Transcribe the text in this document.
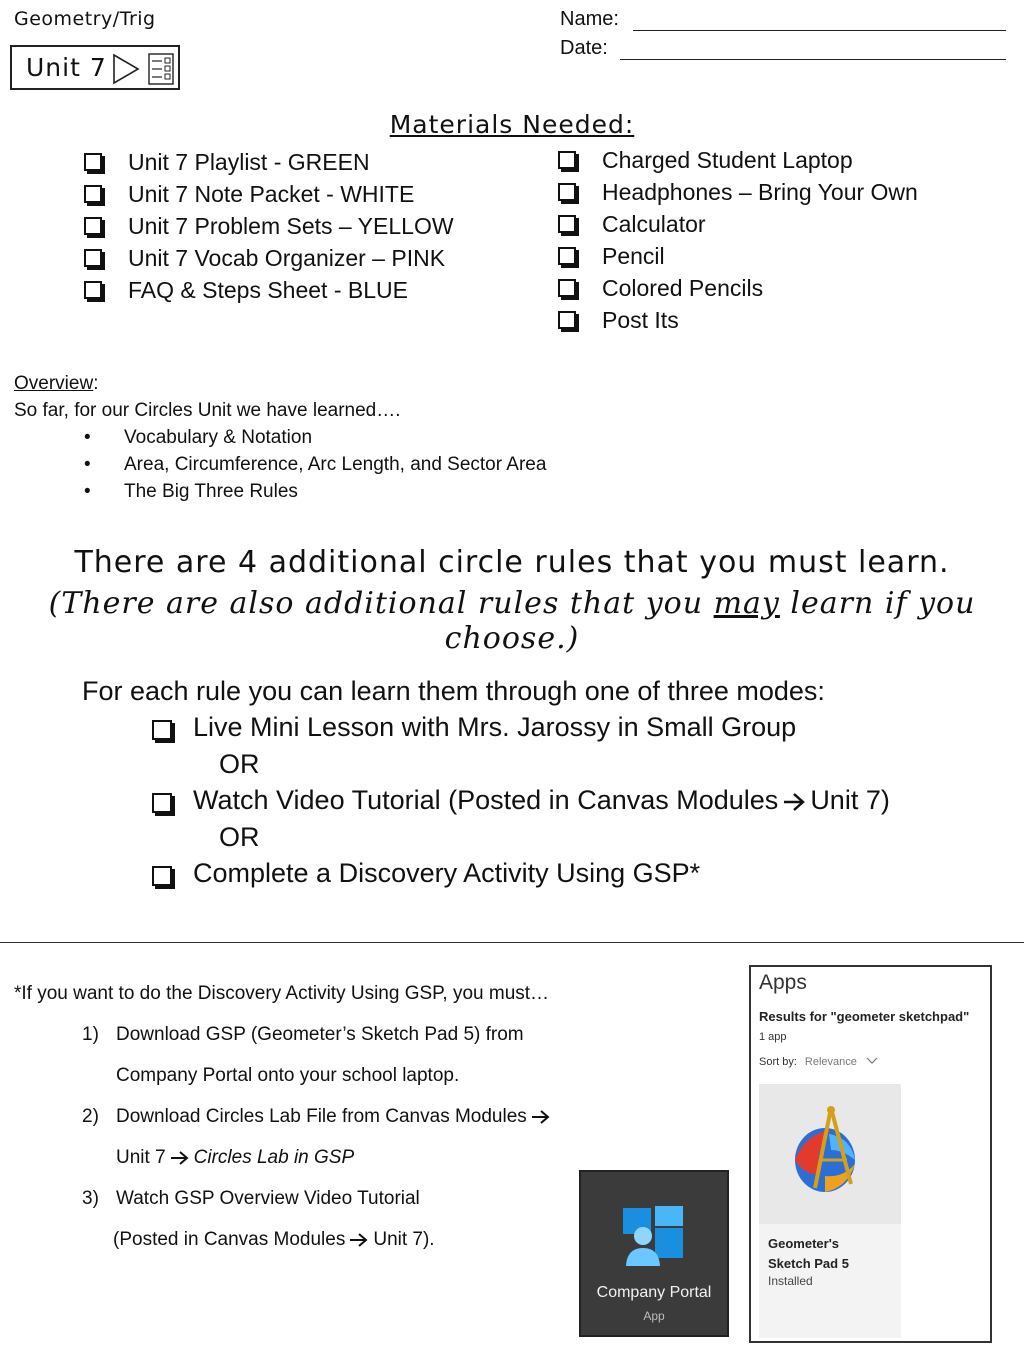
Geometry/Trig
Unit 7
Name:
Date:
Materials Needed:
Unit 7 Playlist - GREEN
Unit 7 Note Packet - WHITE
Unit 7 Problem Sets – YELLOW
Unit 7 Vocab Organizer – PINK
FAQ & Steps Sheet - BLUE
Charged Student Laptop
Headphones – Bring Your Own
Calculator
Pencil
Colored Pencils
Post Its
Overview:
So far, for our Circles Unit we have learned….
• Vocabulary & Notation
• Area, Circumference, Arc Length, and Sector Area
• The Big Three Rules
There are 4 additional circle rules that you must learn.
(There are also additional rules that you may learn if you choose.)
For each rule you can learn them through one of three modes:
Live Mini Lesson with Mrs. Jarossy in Small Group
OR
Watch Video Tutorial (Posted in Canvas Modules Unit 7)
OR
Complete a Discovery Activity Using GSP*
*If you want to do the Discovery Activity Using GSP, you must…
1) Download GSP (Geometer’s Sketch Pad 5) from
Company Portal onto your school laptop.
2) Download Circles Lab File from Canvas Modules
Unit 7 Circles Lab in GSP
3) Watch GSP Overview Video Tutorial
(Posted in Canvas Modules Unit 7).
Company Portal
App
Apps
Results for "geometer sketchpad"
1 app
Sort by: Relevance
Geometer's
Sketch Pad 5
Installed
